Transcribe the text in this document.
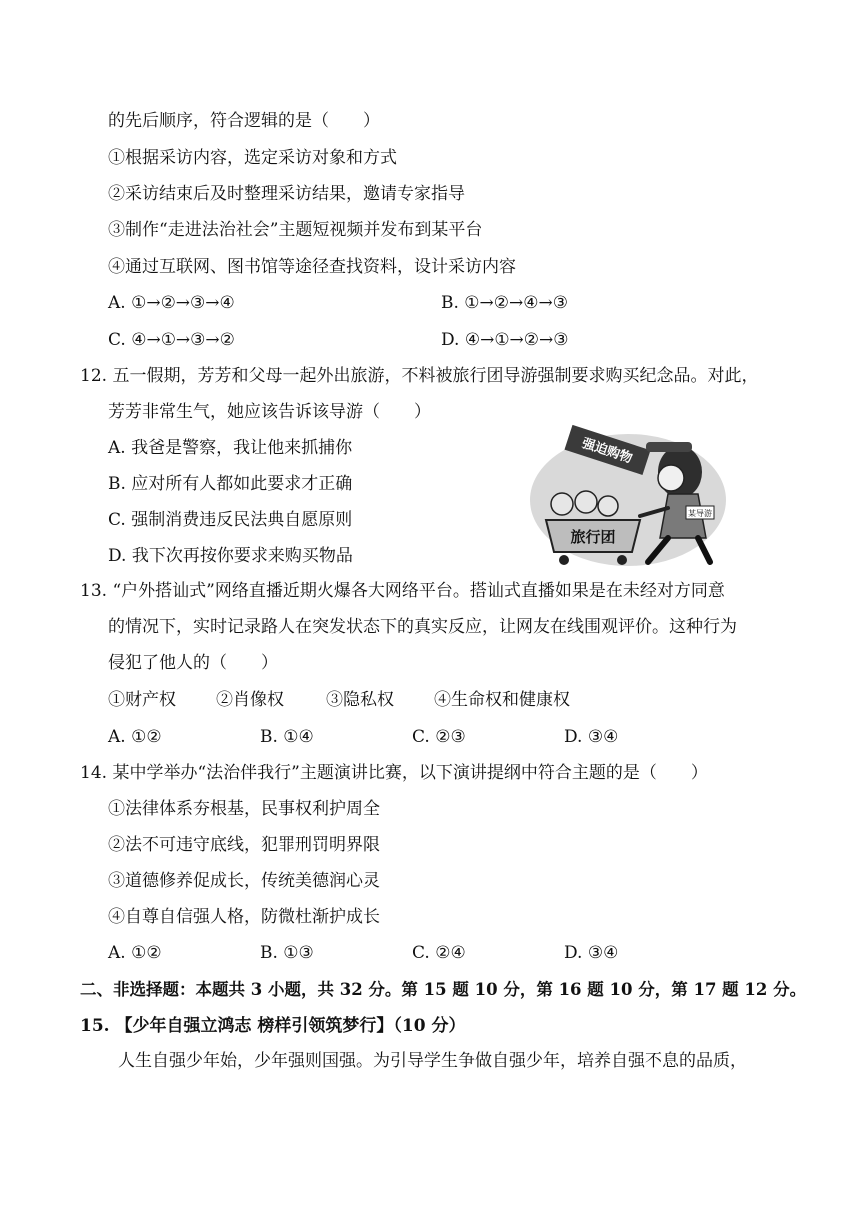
的先后顺序，符合逻辑的是（　　）
①根据采访内容，选定采访对象和方式
②采访结束后及时整理采访结果，邀请专家指导
③制作“走进法治社会”主题短视频并发布到某平台
④通过互联网、图书馆等途径查找资料，设计采访内容
A. ①→②→③→④	B. ①→②→④→③
C. ④→①→③→②	D. ④→①→②→③
12. 五一假期，芳芳和父母一起外出旅游，不料被旅行团导游强制要求购买纪念品。对此，
芳芳非常生气，她应该告诉该导游（　　）
A. 我爸是警察，我让他来抓捕你
B. 应对所有人都如此要求才正确
C. 强制消费违反民法典自愿原则
D. 我下次再按你要求来购买物品
强迫购物
某导游
旅行团
13. “户外搭讪式”网络直播近期火爆各大网络平台。搭讪式直播如果是在未经对方同意
的情况下，实时记录路人在突发状态下的真实反应，让网友在线围观评价。这种行为
侵犯了他人的（　　）
①财产权 ②肖像权 ③隐私权 ④生命权和健康权
A. ①②	B. ①④	C. ②③	D. ③④
14. 某中学举办“法治伴我行”主题演讲比赛，以下演讲提纲中符合主题的是（　　）
①法律体系夯根基，民事权利护周全
②法不可违守底线，犯罪刑罚明界限
③道德修养促成长，传统美德润心灵
④自尊自信强人格，防微杜渐护成长
A. ①②	B. ①③	C. ②④	D. ③④
二、非选择题：本题共 3 小题，共 32 分。第 15 题 10 分，第 16 题 10 分，第 17 题 12 分。
15. 【少年自强立鸿志 榜样引领筑梦行】（10 分）
人生自强少年始，少年强则国强。为引导学生争做自强少年，培养自强不息的品质，
